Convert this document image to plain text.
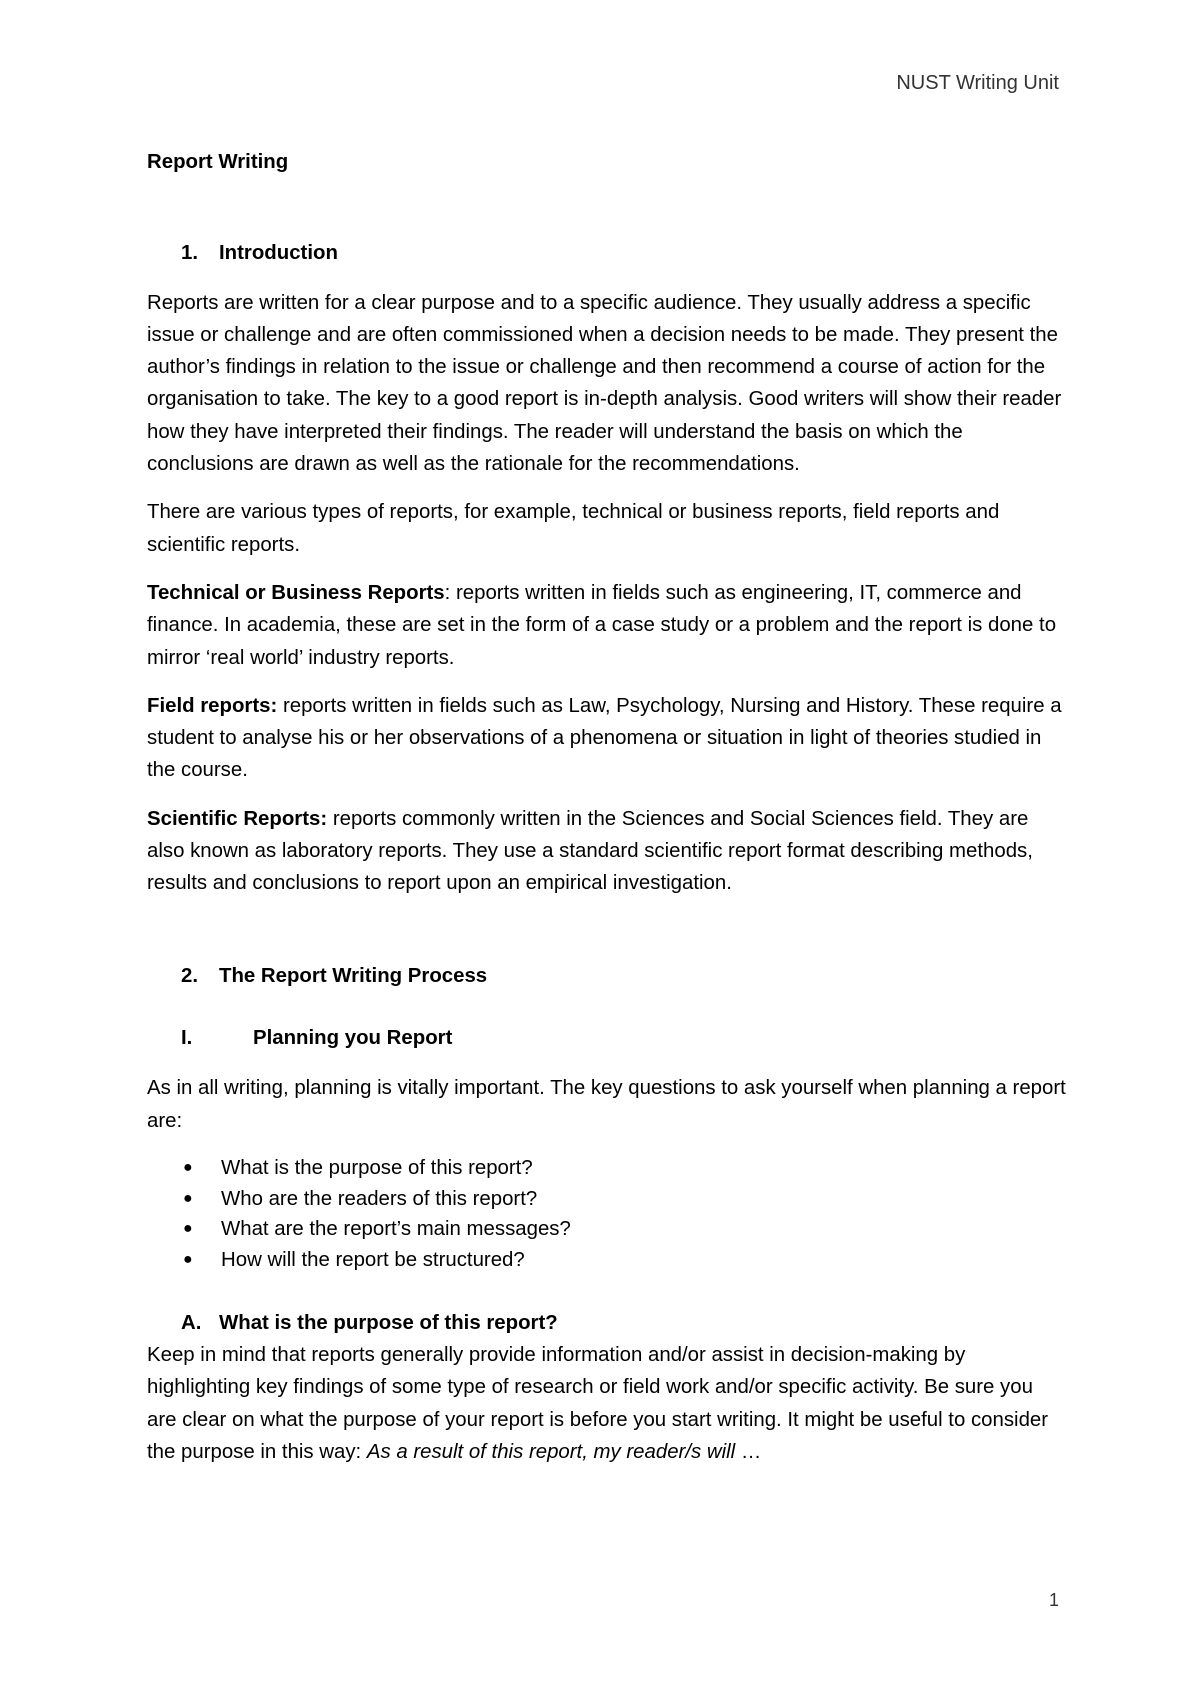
NUST Writing Unit

Report Writing

1.	Introduction

Reports are written for a clear purpose and to a specific audience. They usually address a specific issue or challenge and are often commissioned when a decision needs to be made. They present the author’s findings in relation to the issue or challenge and then recommend a course of action for the organisation to take. The key to a good report is in-depth analysis. Good writers will show their reader how they have interpreted their findings. The reader will understand the basis on which the conclusions are drawn as well as the rationale for the recommendations.

There are various types of reports, for example, technical or business reports, field reports and scientific reports.

Technical or Business Reports: reports written in fields such as engineering, IT, commerce and finance. In academia, these are set in the form of a case study or a problem and the report is done to mirror ‘real world’ industry reports.

Field reports: reports written in fields such as Law, Psychology, Nursing and History. These require a student to analyse his or her observations of a phenomena or situation in light of theories studied in the course.

Scientific Reports: reports commonly written in the Sciences and Social Sciences field. They are also known as laboratory reports. They use a standard scientific report format describing methods, results and conclusions to report upon an empirical investigation.

2.	The Report Writing Process
I.	Planning you Report

As in all writing, planning is vitally important. The key questions to ask yourself when planning a report are:

●	What is the purpose of this report?
●	Who are the readers of this report?
●	What are the report’s main messages?
●	How will the report be structured?
A. What is the purpose of this report?

Keep in mind that reports generally provide information and/or assist in decision-making by highlighting key findings of some type of research or field work and/or specific activity. Be sure you are clear on what the purpose of your report is before you start writing. It might be useful to consider the purpose in this way: As a result of this report, my reader/s will …

1
